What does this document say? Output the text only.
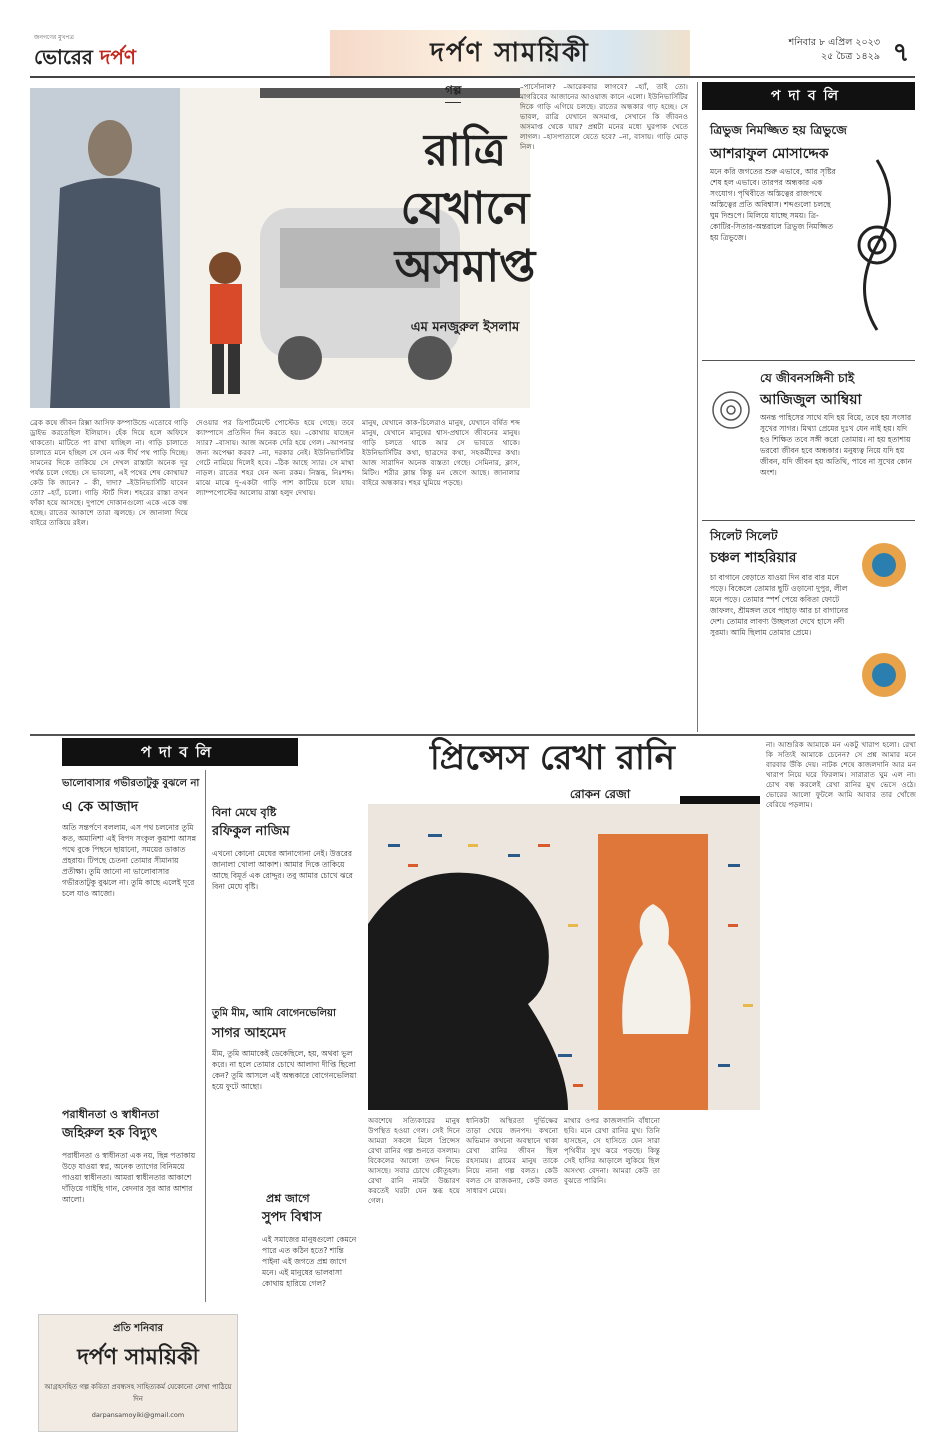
জনগণের মুখপত্র
ভোরের দর্পণ	দর্পণ সাময়িকী	শনিবার ৮ এপ্রিল ২০২৩
২৫ চৈত্র ১৪২৯ ৭
গল্প
রাত্রি
যেখানে
অসমাপ্ত
এম মনজুরুল ইসলাম
–পার্সোনাল? –আরেকবার লাগবে? –হ্যাঁ, তাই তো। মাগরিবের আজানের আওয়াজ কানে এলো। ইউনিভার্সিটির দিকে গাড়ি এগিয়ে চলছে। রাতের অন্ধকার গাঢ় হচ্ছে। সে ভাবল, রাত্রি যেখানে অসমাপ্ত, সেখানে কি জীবনও অসমাপ্ত থেকে যায়? প্রশ্নটা মনের মধ্যে ঘুরপাক খেতে লাগল। –হাসপাতালে যেতে হবে? –না, বাসায়। গাড়ি মোড় নিল।
ব্রেক কষে জীবন রিক্সা আসিফ কম্পাউন্ডে এতোবে গাড়ি ড্রাইভ করতেছিল ইলিয়াস। হেঁক দিয়ে হলে অফিসে থাকতো। মাটিতে পা রাখা যাচ্ছিল না। গাড়ি চালাতে চালাতে মনে হচ্ছিল সে যেন এক দীর্ঘ পথ পাড়ি দিচ্ছে। সামনের দিকে তাকিয়ে সে দেখল রাস্তাটা অনেক দূর পর্যন্ত চলে গেছে। সে ভাবলো, এই পথের শেষ কোথায়? কেউ কি জানে? – কী, দাদা? –ইউনিভার্সিটি যাবেন তো? –হ্যাঁ, চলো। গাড়ি স্টার্ট দিল। শহরের রাস্তা তখন ফাঁকা হয়ে আসছে। দুপাশে দোকানগুলো একে একে বন্ধ হচ্ছে। রাতের আকাশে তারা জ্বলছে। সে জানালা দিয়ে বাইরে তাকিয়ে রইল।
দেওয়ার পর ডিপার্টমেন্টে পোস্টেড হয়ে গেছে। তবে ক্যাম্পাসে প্রতিদিন দিন করতে হয়। –কোথায় যাচ্ছেন স্যার? –বাসায়। আজ অনেক দেরি হয়ে গেল। –আপনার জন্য অপেক্ষা করব? –না, দরকার নেই। ইউনিভার্সিটির গেটে নামিয়ে দিলেই হবে। –ঠিক আছে স্যার। সে মাথা নাড়ল। রাতের শহর যেন অন্য রকম। নিস্তব্ধ, নিঃশব্দ। মাঝে মাঝে দু-একটা গাড়ি পাশ কাটিয়ে চলে যায়। ল্যাম্পপোস্টের আলোয় রাস্তা হলুদ দেখায়।
মানুষ, যেখানে কাক-চিলেরাও মানুষ, যেখানে বর্ষিত শব্দ মানুষ, যেখানে মানুষের শ্বাস-প্রশ্বাসে জীবনের মানুষ। গাড়ি চলতে থাকে আর সে ভাবতে থাকে। ইউনিভার্সিটির কথা, ছাত্রদের কথা, সহকর্মীদের কথা। আজ সারাদিন অনেক ব্যস্ততা গেছে। সেমিনার, ক্লাস, মিটিং। শরীর ক্লান্ত কিন্তু মন জেগে আছে। জানালার বাইরে অন্ধকার। শহর ঘুমিয়ে পড়ছে।
পদাবলি
ত্রিভুজ নিমজ্জিত হয় ত্রিভুজে
আশরাফুল মোসাদ্দেক
মনে করি জগতের শুরু এভাবে, আর সৃষ্টির শেষ হল এভাবে। তারপর অন্ধকার এক সংযোগ। পৃথিবীতে অস্তিত্বের রাজপথে অস্তিত্বের প্রতি অবিশ্বাস। শব্দগুলো চলছে ঘুম দিশুপে। মিলিয়ে যাচ্ছে সময়। ত্রি-কোটির-সিতার-অন্তরালে ত্রিভুজ নিমজ্জিত হয় ত্রিভুজে।
যে জীবনসঙ্গিনী চাই
আজিজুল আম্বিয়া
অনন্ত পাহিসের সাথে যদি হয় বিয়ে, তবে হয় সংসার সুখের সাগর। মিথ্যা প্রেমের দুঃখ যেন নাই হয়। যদি হও শিক্ষিত তবে সঙ্গী করো তোমায়। না হয় হতাশায় ভরবো জীবন হবে অন্ধকার। মনুষ্যত্ব নিয়ে যদি হয় জীবন, যদি জীবন হয় অতিথি, পাবে না সুখের কোন অংশ।
সিলেট সিলেট
চঞ্চল শাহরিয়ার
চা বাগানে বেড়াতে যাওয়া দিন বার বার মনে পড়ে। বিকেলে তোমার ছুটি ওড়ানো দুপুর, লীল মনে পড়ে। তোমার স্পর্শ পেয়ে কবিতা ফোটে জাফলং, শ্রীমঙ্গল তবে পাহাড় আর চা বাগানের দেশ। তোমার লাবণ্য উচ্ছলতা দেখে হাসে নদী সুরমা। আমি ছিলাম তোমার প্রেমে।
পদাবলি
ভালোবাসার গভীরতাটুকু বুঝলে না
এ কে আজাদ
অতি সন্তর্পণে বললাম, এস পথ চলনোর তুমি কত, অমানিশা এই বিপদ সংকুল কুয়াশা আসন্ন পথে বুকে পিছনে ছায়ানো, সময়ের ডাকাত প্রহরায়। টিপছে চেতনা তোমার সীমানায় প্রতীক্ষা। তুমি জানো না ভালোবাসার গভীরতাটুকু বুঝলে না। তুমি কাছে এলেই দূরে চলে যাও আজো।
পরাধীনতা ও স্বাধীনতা
জহিরুল হক বিদ্যুৎ
পরাধীনতা ও স্বাধীনতা এক নয়, ছিন্ন পতাকায় উড়ে যাওয়া স্বপ্ন, অনেক ত্যাগের বিনিময়ে পাওয়া স্বাধীনতা। আমরা স্বাধীনতার আকাশে দাঁড়িয়ে গাইছি গান, বেদনার সুর আর আশার আলো।
বিনা মেঘে বৃষ্টি
রফিকুল নাজিম
এখনো কোনো মেঘের আনাগোনা নেই। উত্তরের জানালা খোলা আকাশ। আমার দিকে তাকিয়ে আছে বিমূর্ত এক রোদ্দুর। তবু আমার চোখে ঝরে বিনা মেঘে বৃষ্টি।
তুমি মীম, আমি বোগেনভেলিয়া
সাগর আহমেদ
মীম, তুমি আমাকেই ডেকেছিলে, হয়, অথবা ভুল করে। না হলে তোমার চোখে আলাদা দীপ্তি ছিলো কেন? তুমি আসলে এই অন্ধকারে বোগেনভেলিয়া হয়ে ফুটে আছো।
প্রশ্ন জাগে
সুপদ বিশ্বাস
এই সমাজের মানুষগুলো কেমনে পারে এত কঠিন হতে? শান্তি পাইনা এই জগতে প্রশ্ন জাগে মনে। এই মানুষের ভালবাসা কোথায় হারিয়ে গেল?
প্রতি শনিবার
দর্পণ সাময়িকী
আগ্রহসহিত গল্প কবিতা প্রবন্ধসহ সাহিত্যকর্ম যেকোনো লেখা পাঠিয়ে দিন
darpansamoyiki@gmail.com
প্রিন্সেস রেখা রানি
রোকন রেজা
অবশেষে সত্যিকারের মানুষ উপস্থিত হওয়া গেল। সেই দিনে আমরা সকলে মিলে প্রিন্সেস রেখা রানির গল্প শুনতে বসলাম। বিকেলের আলো তখন নিভে আসছে। সবার চোখে কৌতূহল। রেখা রানি নামটা উচ্চারণ করতেই ঘরটা যেন স্তব্ধ হয়ে গেল।
ধানিকটা অস্থিরতা দুর্ভিক্ষের তাড়া খেয়ে জনপদ। কখনো অভিমান কখনো অবস্থানে থাকা রেখা রানির জীবন ছিল রহস্যময়। গ্রামের মানুষ তাকে নিয়ে নানা গল্প বলত। কেউ বলত সে রাজকন্যা, কেউ বলত সাধারণ মেয়ে।
মাথার ওপর কাজলদানি বাঁধানো ছবি। মনে রেখা রানির মুখ। তিনি হাসছেন, সে হাসিতে যেন সারা পৃথিবীর সুখ ঝরে পড়ছে। কিন্তু সেই হাসির আড়ালে লুকিয়ে ছিল অসংখ্য বেদনা। আমরা কেউ তা বুঝতে পারিনি।
না। আশুরিক আমাকে মন একটু খারাপ হলো। রেখা কি সত্যিই আমাকে চেনেন? সে প্রশ্ন আমার মনে বারবার উঁকি দেয়। নাটক শেষে কাজলদানি আর মন খারাপ নিয়ে ঘরে ফিরলাম। সারারাত ঘুম এল না। চোখ বন্ধ করলেই রেখা রানির মুখ ভেসে ওঠে। ভোরের আলো ফুটলে আমি আবার তার খোঁজে বেরিয়ে পড়লাম।
